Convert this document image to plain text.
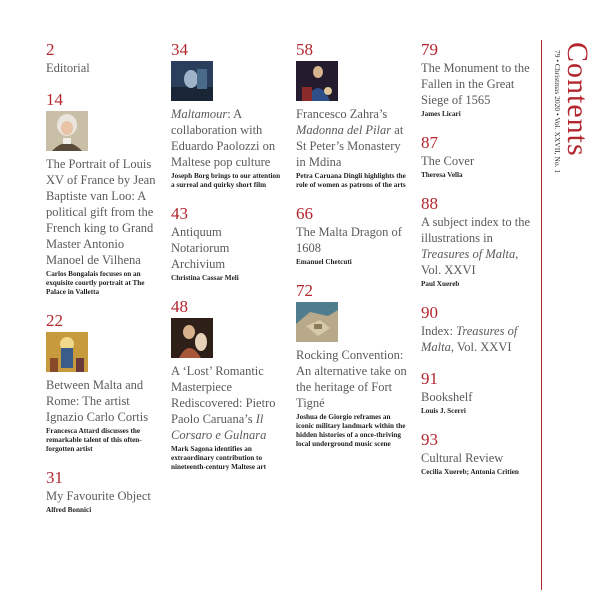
2
Editorial
14
The Portrait of Louis XV of France by Jean Baptiste van Loo: A political gift from the French king to Grand Master Antonio Manoel de Vilhena
Carlos Bongalais focuses on an exquisite courtly portrait at The Palace in Valletta
22
Between Malta and Rome: The artist Ignazio Carlo Cortis
Francesca Attard discusses the remarkable talent of this often-forgotten artist
31
My Favourite Object
Alfred Bonnici
34
Maltamour: A collaboration with Eduardo Paolozzi on Maltese pop culture
Joseph Borg brings to our attention a surreal and quirky short film
43
Antiquum Notariorum Archivium
Christina Cassar Meli
48
A ‘Lost’ Romantic Masterpiece Rediscovered: Pietro Paolo Caruana’s Il Corsaro e Gulnara
Mark Sagona identifies an extraordinary contribution to nineteenth-century Maltese art
58
Francesco Zahra’s Madonna del Pilar at St Peter’s Monastery in Mdina
Petra Caruana Dingli highlights the role of women as patrons of the arts
66
The Malta Dragon of 1608
Emanuel Chetcuti
72
Rocking Convention: An alternative take on the heritage of Fort Tigné
Joshua de Giorgio reframes an iconic military landmark within the hidden histories of a once-thriving local underground music scene
79
The Monument to the Fallen in the Great Siege of 1565
James Licari
87
The Cover
Theresa Vella
88
A subject index to the illustrations in Treasures of Malta, Vol. XXVI
Paul Xuereb
90
Index: Treasures of Malta, Vol. XXVI
91
Bookshelf
Louis J. Scerri
93
Cultural Review
Cecilia Xuereb; Antonia Critien
Contents
79 • Christmas 2020 • Vol. XXVII, No. 1
